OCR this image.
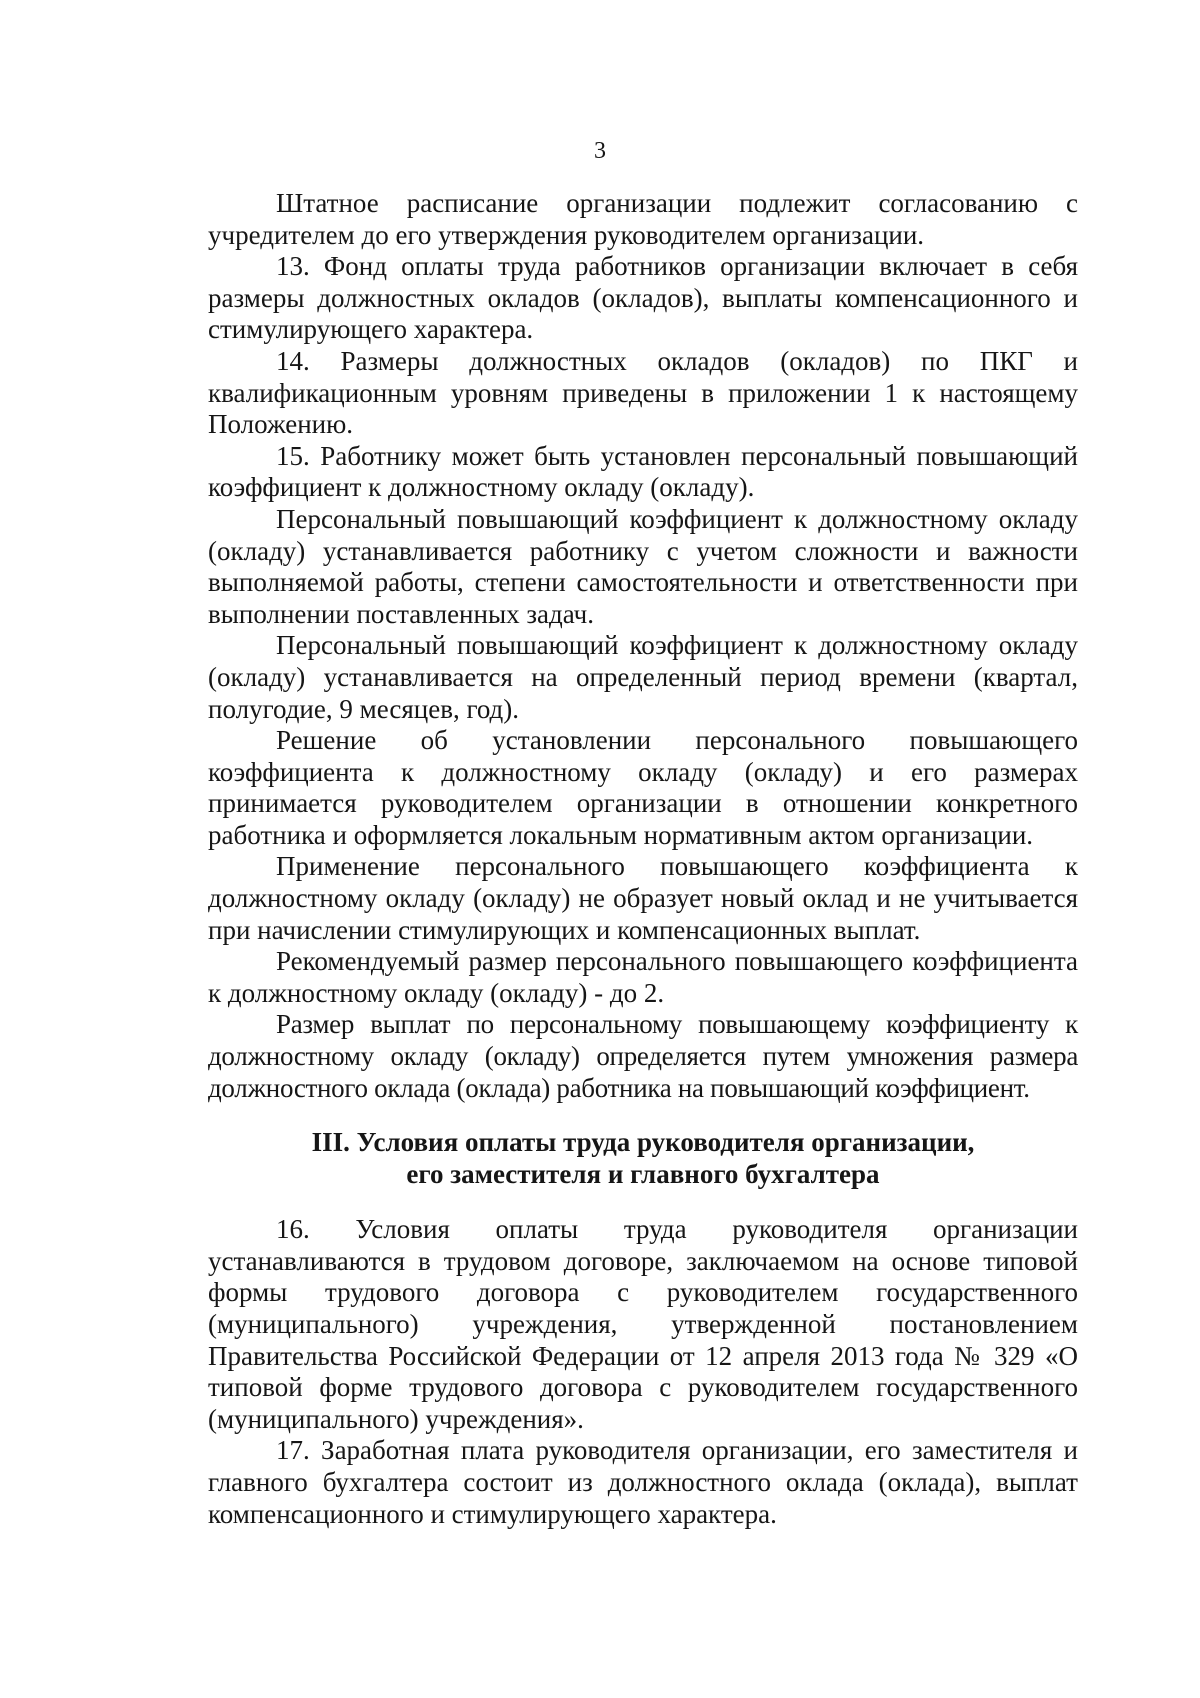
3

Штатное расписание организации подлежит согласованию с учредителем до его утверждения руководителем организации.

13. Фонд оплаты труда работников организации включает в себя размеры должностных окладов (окладов), выплаты компенсационного и стимулирующего характера.

14. Размеры должностных окладов (окладов) по ПКГ и квалификационным уровням приведены в приложении 1 к настоящему Положению.

15. Работнику может быть установлен персональный повышающий коэффициент к должностному окладу (окладу).

Персональный повышающий коэффициент к должностному окладу (окладу) устанавливается работнику с учетом сложности и важности выполняемой работы, степени самостоятельности и ответственности при выполнении поставленных задач.

Персональный повышающий коэффициент к должностному окладу (окладу) устанавливается на определенный период времени (квартал, полугодие, 9 месяцев, год).

Решение об установлении персонального повышающего коэффициента к должностному окладу (окладу) и его размерах принимается руководителем организации в отношении конкретного работника и оформляется локальным нормативным актом организации.

Применение персонального повышающего коэффициента к должностному окладу (окладу) не образует новый оклад и не учитывается при начислении стимулирующих и компенсационных выплат.

Рекомендуемый размер персонального повышающего коэффициента к должностному окладу (окладу) - до 2.

Размер выплат по персональному повышающему коэффициенту к должностному окладу (окладу) определяется путем умножения размера должностного оклада (оклада) работника на повышающий коэффициент.

III. Условия оплаты труда руководителя организации,
его заместителя и главного бухгалтера

16. Условия оплаты труда руководителя организации устанавливаются в трудовом договоре, заключаемом на основе типовой формы трудового договора с руководителем государственного (муниципального) учреждения, утвержденной постановлением Правительства Российской Федерации от 12 апреля 2013 года № 329 «О типовой форме трудового договора с руководителем государственного (муниципального) учреждения».

17. Заработная плата руководителя организации, его заместителя и главного бухгалтера состоит из должностного оклада (оклада), выплат компенсационного и стимулирующего характера.
